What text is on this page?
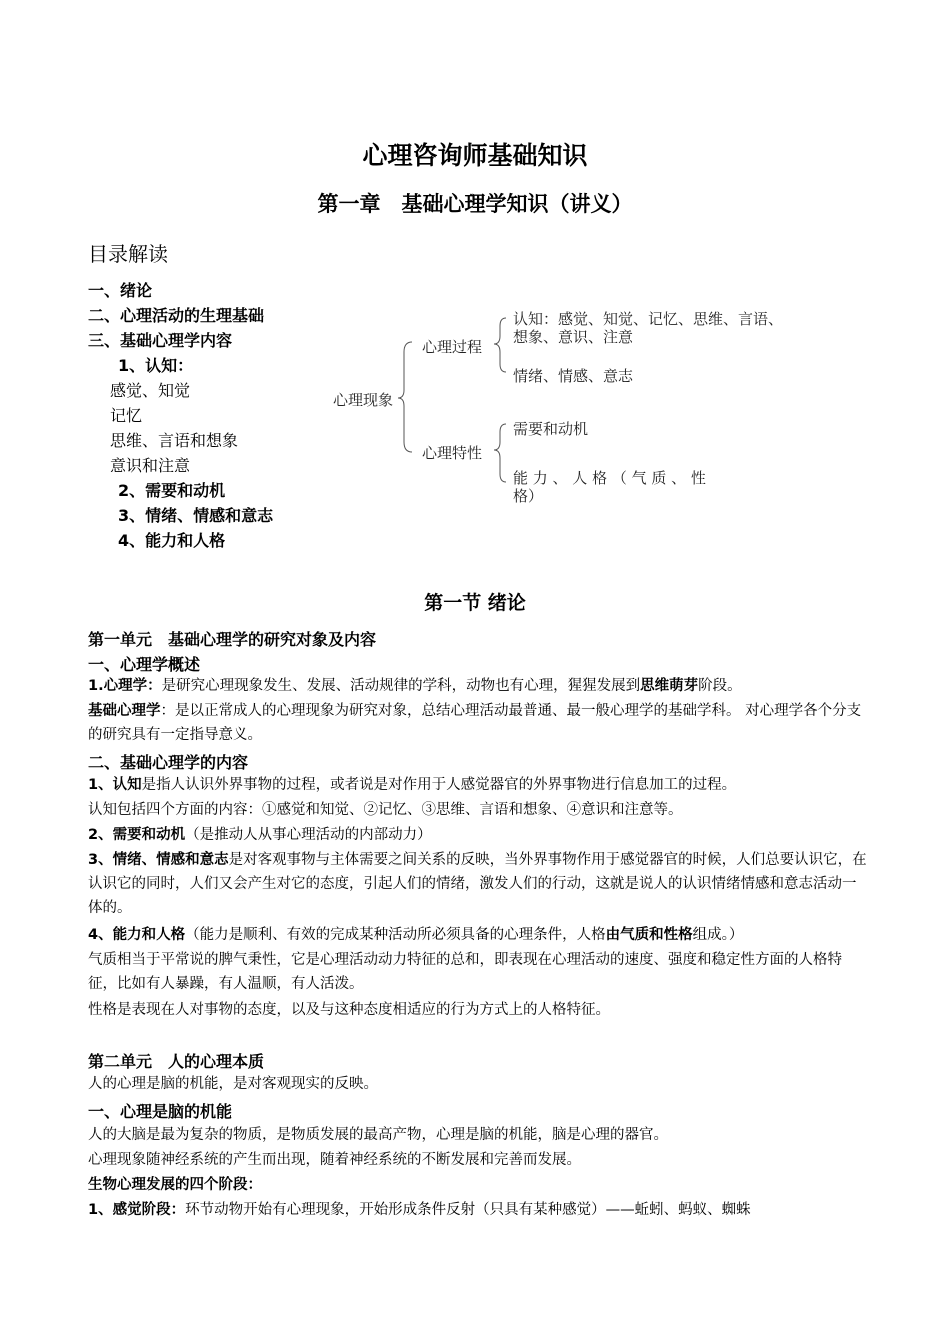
心理咨询师基础知识
第一章　基础心理学知识（讲义）
目录解读
一、绪论
二、心理活动的生理基础
三、基础心理学内容
1、认知：
感觉、知觉
记忆
思维、言语和想象
意识和注意
2、需要和动机
3、情绪、情感和意志
4、能力和人格
心理现象
心理过程
心理特性
认知：感觉、知觉、记忆、思维、言语、
想象、意识、注意
情绪、情感、意志
需要和动机
能 力 、 人 格 （ 气 质 、 性
格）
第一节 绪论
第一单元　基础心理学的研究对象及内容
一、心理学概述
1.心理学：是研究心理现象发生、发展、活动规律的学科，动物也有心理，猩猩发展到思维萌芽阶段。
基础心理学：是以正常成人的心理现象为研究对象，总结心理活动最普通、最一般心理学的基础学科。 对心理学各个分支的研究具有一定指导意义。
二、基础心理学的内容
1、认知是指人认识外界事物的过程，或者说是对作用于人感觉器官的外界事物进行信息加工的过程。
认知包括四个方面的内容：①感觉和知觉、②记忆、③思维、言语和想象、④意识和注意等。
2、需要和动机（是推动人从事心理活动的内部动力）
3、情绪、情感和意志是对客观事物与主体需要之间关系的反映，当外界事物作用于感觉器官的时候，人们总要认识它，在认识它的同时，人们又会产生对它的态度，引起人们的情绪，激发人们的行动，这就是说人的认识情绪情感和意志活动一体的。
4、能力和人格（能力是顺利、有效的完成某种活动所必须具备的心理条件，人格由气质和性格组成。）
气质相当于平常说的脾气秉性，它是心理活动动力特征的总和，即表现在心理活动的速度、强度和稳定性方面的人格特征，比如有人暴躁，有人温顺，有人活泼。
性格是表现在人对事物的态度，以及与这种态度相适应的行为方式上的人格特征。
第二单元　人的心理本质
人的心理是脑的机能，是对客观现实的反映。
一、心理是脑的机能
人的大脑是最为复杂的物质，是物质发展的最高产物，心理是脑的机能，脑是心理的器官。
心理现象随神经系统的产生而出现，随着神经系统的不断发展和完善而发展。
生物心理发展的四个阶段：
1、感觉阶段：环节动物开始有心理现象，开始形成条件反射（只具有某种感觉）——蚯蚓、蚂蚁、蜘蛛
